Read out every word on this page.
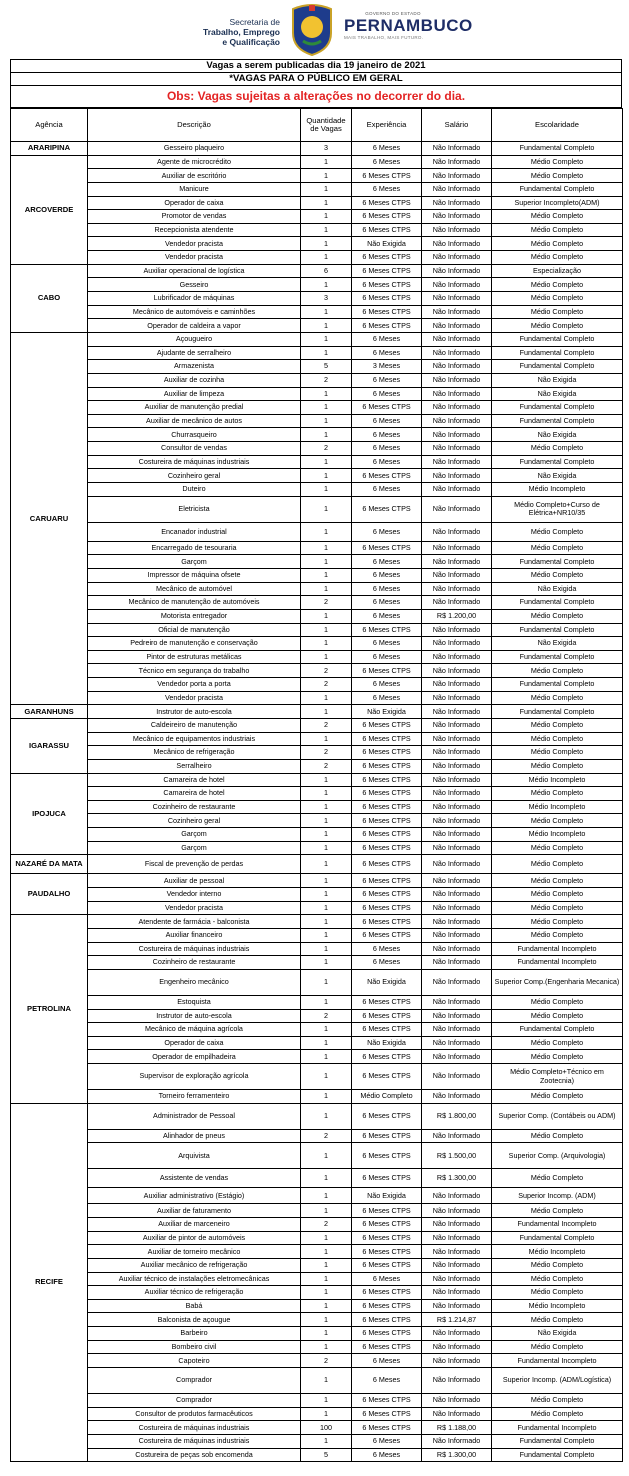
Secretaria de
Trabalho, Emprego
e Qualificação
GOVERNO DO ESTADO
PERNAMBUCO
MAIS TRABALHO, MAIS FUTURO.
Vagas a serem publicadas dia 19 janeiro de 2021
*VAGAS PARA O PÚBLICO EM GERAL
Obs: Vagas sujeitas a alterações no decorrer do dia.
Agência	Descrição	Quantidade de Vagas	Experiência	Salário	Escolaridade
ARARIPINA	Gesseiro plaqueiro	3	6 Meses	Não Informado	Fundamental Completo
ARCOVERDE	Agente de microcrédito	1	6 Meses	Não Informado	Médio Completo
	Auxiliar de escritório	1	6 Meses CTPS	Não Informado	Médio Completo
	Manicure	1	6 Meses	Não Informado	Fundamental Completo
	Operador de caixa	1	6 Meses CTPS	Não Informado	Superior Incompleto(ADM)
	Promotor de vendas	1	6 Meses CTPS	Não Informado	Médio Completo
	Recepcionista atendente	1	6 Meses CTPS	Não Informado	Médio Completo
	Vendedor pracista	1	Não Exigida	Não Informado	Médio Completo
	Vendedor pracista	1	6 Meses CTPS	Não Informado	Médio Completo
CABO	Auxiliar operacional de logística	6	6 Meses CTPS	Não Informado	Especialização
	Gesseiro	1	6 Meses CTPS	Não Informado	Médio Completo
	Lubrificador de máquinas	3	6 Meses CTPS	Não Informado	Médio Completo
	Mecânico de automóveis e caminhões	1	6 Meses CTPS	Não Informado	Médio Completo
	Operador de caldeira a vapor	1	6 Meses CTPS	Não Informado	Médio Completo
CARUARU	Açougueiro	1	6 Meses	Não Informado	Fundamental Completo
	Ajudante de serralheiro	1	6 Meses	Não Informado	Fundamental Completo
	Armazenista	5	3 Meses	Não Informado	Fundamental Completo
	Auxiliar de cozinha	2	6 Meses	Não Informado	Não Exigida
	Auxiliar de limpeza	1	6 Meses	Não Informado	Não Exigida
	Auxiliar de manutenção predial	1	6 Meses CTPS	Não Informado	Fundamental Completo
	Auxiliar de mecânico de autos	1	6 Meses	Não Informado	Fundamental Completo
	Churrasqueiro	1	6 Meses	Não Informado	Não Exigida
	Consultor de vendas	2	6 Meses	Não Informado	Médio Completo
	Costureira de máquinas industriais	1	6 Meses	Não Informado	Fundamental Completo
	Cozinheiro geral	1	6 Meses CTPS	Não Informado	Não Exigida
	Duteiro	1	6 Meses	Não Informado	Médio Incompleto
	Eletricista	1	6 Meses CTPS	Não Informado	Médio Completo+Curso de Elétrica+NR10/35
	Encanador industrial	1	6 Meses	Não Informado	Médio Completo
	Encarregado de tesouraria	1	6 Meses CTPS	Não Informado	Médio Completo
	Garçom	1	6 Meses	Não Informado	Fundamental Completo
	Impressor de máquina ofsete	1	6 Meses	Não Informado	Médio Completo
	Mecânico de automóvel	1	6 Meses	Não Informado	Não Exigida
	Mecânico de manutenção de automóveis	2	6 Meses	Não Informado	Fundamental Completo
	Motorista entregador	1	6 Meses	R$ 1.200,00	Médio Completo
	Oficial de manutenção	1	6 Meses CTPS	Não Informado	Fundamental Completo
	Pedreiro de manutenção e conservação	1	6 Meses	Não Informado	Não Exigida
	Pintor de estruturas metálicas	1	6 Meses	Não Informado	Fundamental Completo
	Técnico em segurança do trabalho	2	6 Meses CTPS	Não Informado	Médio Completo
	Vendedor porta a porta	2	6 Meses	Não Informado	Fundamental Completo
	Vendedor pracista	1	6 Meses	Não Informado	Médio Completo
GARANHUNS	Instrutor de auto-escola	1	Não Exigida	Não Informado	Fundamental Completo
IGARASSU	Caldeireiro de manutenção	2	6 Meses CTPS	Não Informado	Médio Completo
	Mecânico de equipamentos industriais	1	6 Meses CTPS	Não Informado	Médio Completo
	Mecânico de refrigeração	2	6 Meses CTPS	Não Informado	Médio Completo
	Serralheiro	2	6 Meses CTPS	Não Informado	Médio Completo
IPOJUCA	Camareira de hotel	1	6 Meses CTPS	Não Informado	Médio Incompleto
	Camareira de hotel	1	6 Meses CTPS	Não Informado	Médio Completo
	Cozinheiro de restaurante	1	6 Meses CTPS	Não Informado	Médio Incompleto
	Cozinheiro geral	1	6 Meses CTPS	Não Informado	Médio Completo
	Garçom	1	6 Meses CTPS	Não Informado	Médio Incompleto
	Garçom	1	6 Meses CTPS	Não Informado	Médio Completo
NAZARÉ DA MATA	Fiscal de prevenção de perdas	1	6 Meses CTPS	Não Informado	Médio Completo
PAUDALHO	Auxiliar de pessoal	1	6 Meses CTPS	Não Informado	Médio Completo
	Vendedor interno	1	6 Meses CTPS	Não Informado	Médio Completo
	Vendedor pracista	1	6 Meses CTPS	Não Informado	Médio Completo
PETROLINA	Atendente de farmácia - balconista	1	6 Meses CTPS	Não Informado	Médio Completo
	Auxiliar financeiro	1	6 Meses CTPS	Não Informado	Médio Completo
	Costureira de máquinas industriais	1	6 Meses	Não Informado	Fundamental Incompleto
	Cozinheiro de restaurante	1	6 Meses	Não Informado	Fundamental Incompleto
	Engenheiro mecânico	1	Não Exigida	Não Informado	Superior Comp.(Engenharia Mecanica)
	Estoquista	1	6 Meses CTPS	Não Informado	Médio Completo
	Instrutor de auto-escola	2	6 Meses CTPS	Não Informado	Médio Completo
	Mecânico de máquina agrícola	1	6 Meses CTPS	Não Informado	Fundamental Completo
	Operador de caixa	1	Não Exigida	Não Informado	Médio Completo
	Operador de empilhadeira	1	6 Meses CTPS	Não Informado	Médio Completo
	Supervisor de exploração agrícola	1	6 Meses CTPS	Não Informado	Médio Completo+Técnico em Zootecnia)
	Torneiro ferramenteiro	1	Médio Completo	Não Informado	Médio Completo
RECIFE	Administrador de Pessoal	1	6 Meses CTPS	R$ 1.800,00	Superior Comp. (Contábeis ou ADM)
	Alinhador de pneus	2	6 Meses CTPS	Não Informado	Médio Completo
	Arquivista	1	6 Meses CTPS	R$ 1.500,00	Superior Comp. (Arquivologia)
	Assistente de vendas	1	6 Meses CTPS	R$ 1.300,00	Médio Completo
	Auxiliar administrativo (Estágio)	1	Não Exigida	Não Informado	Superior Incomp. (ADM)
	Auxiliar de faturamento	1	6 Meses CTPS	Não Informado	Médio Completo
	Auxiliar de marceneiro	2	6 Meses CTPS	Não Informado	Fundamental Incompleto
	Auxiliar de pintor de automóveis	1	6 Meses CTPS	Não Informado	Fundamental Completo
	Auxiliar de torneiro mecânico	1	6 Meses CTPS	Não Informado	Médio Incompleto
	Auxiliar mecânico de refrigeração	1	6 Meses CTPS	Não Informado	Médio Completo
	Auxiliar técnico de instalações eletromecânicas	1	6 Meses	Não Informado	Médio Completo
	Auxiliar técnico de refrigeração	1	6 Meses CTPS	Não Informado	Médio Completo
	Babá	1	6 Meses CTPS	Não Informado	Médio Incompleto
	Balconista de açougue	1	6 Meses CTPS	R$ 1.214,87	Médio Completo
	Barbeiro	1	6 Meses CTPS	Não Informado	Não Exigida
	Bombeiro civil	1	6 Meses CTPS	Não Informado	Médio Completo
	Capoteiro	2	6 Meses	Não Informado	Fundamental Incompleto
	Comprador	1	6 Meses	Não Informado	Superior Incomp. (ADM/Logística)
	Comprador	1	6 Meses CTPS	Não Informado	Médio Completo
	Consultor de produtos farmacêuticos	1	6 Meses CTPS	Não Informado	Médio Completo
	Costureira de máquinas industriais	100	6 Meses CTPS	R$ 1.188,00	Fundamental Incompleto
	Costureira de máquinas industriais	1	6 Meses	Não Informado	Fundamental Completo
	Costureira de peças sob encomenda	5	6 Meses	R$ 1.300,00	Fundamental Completo
